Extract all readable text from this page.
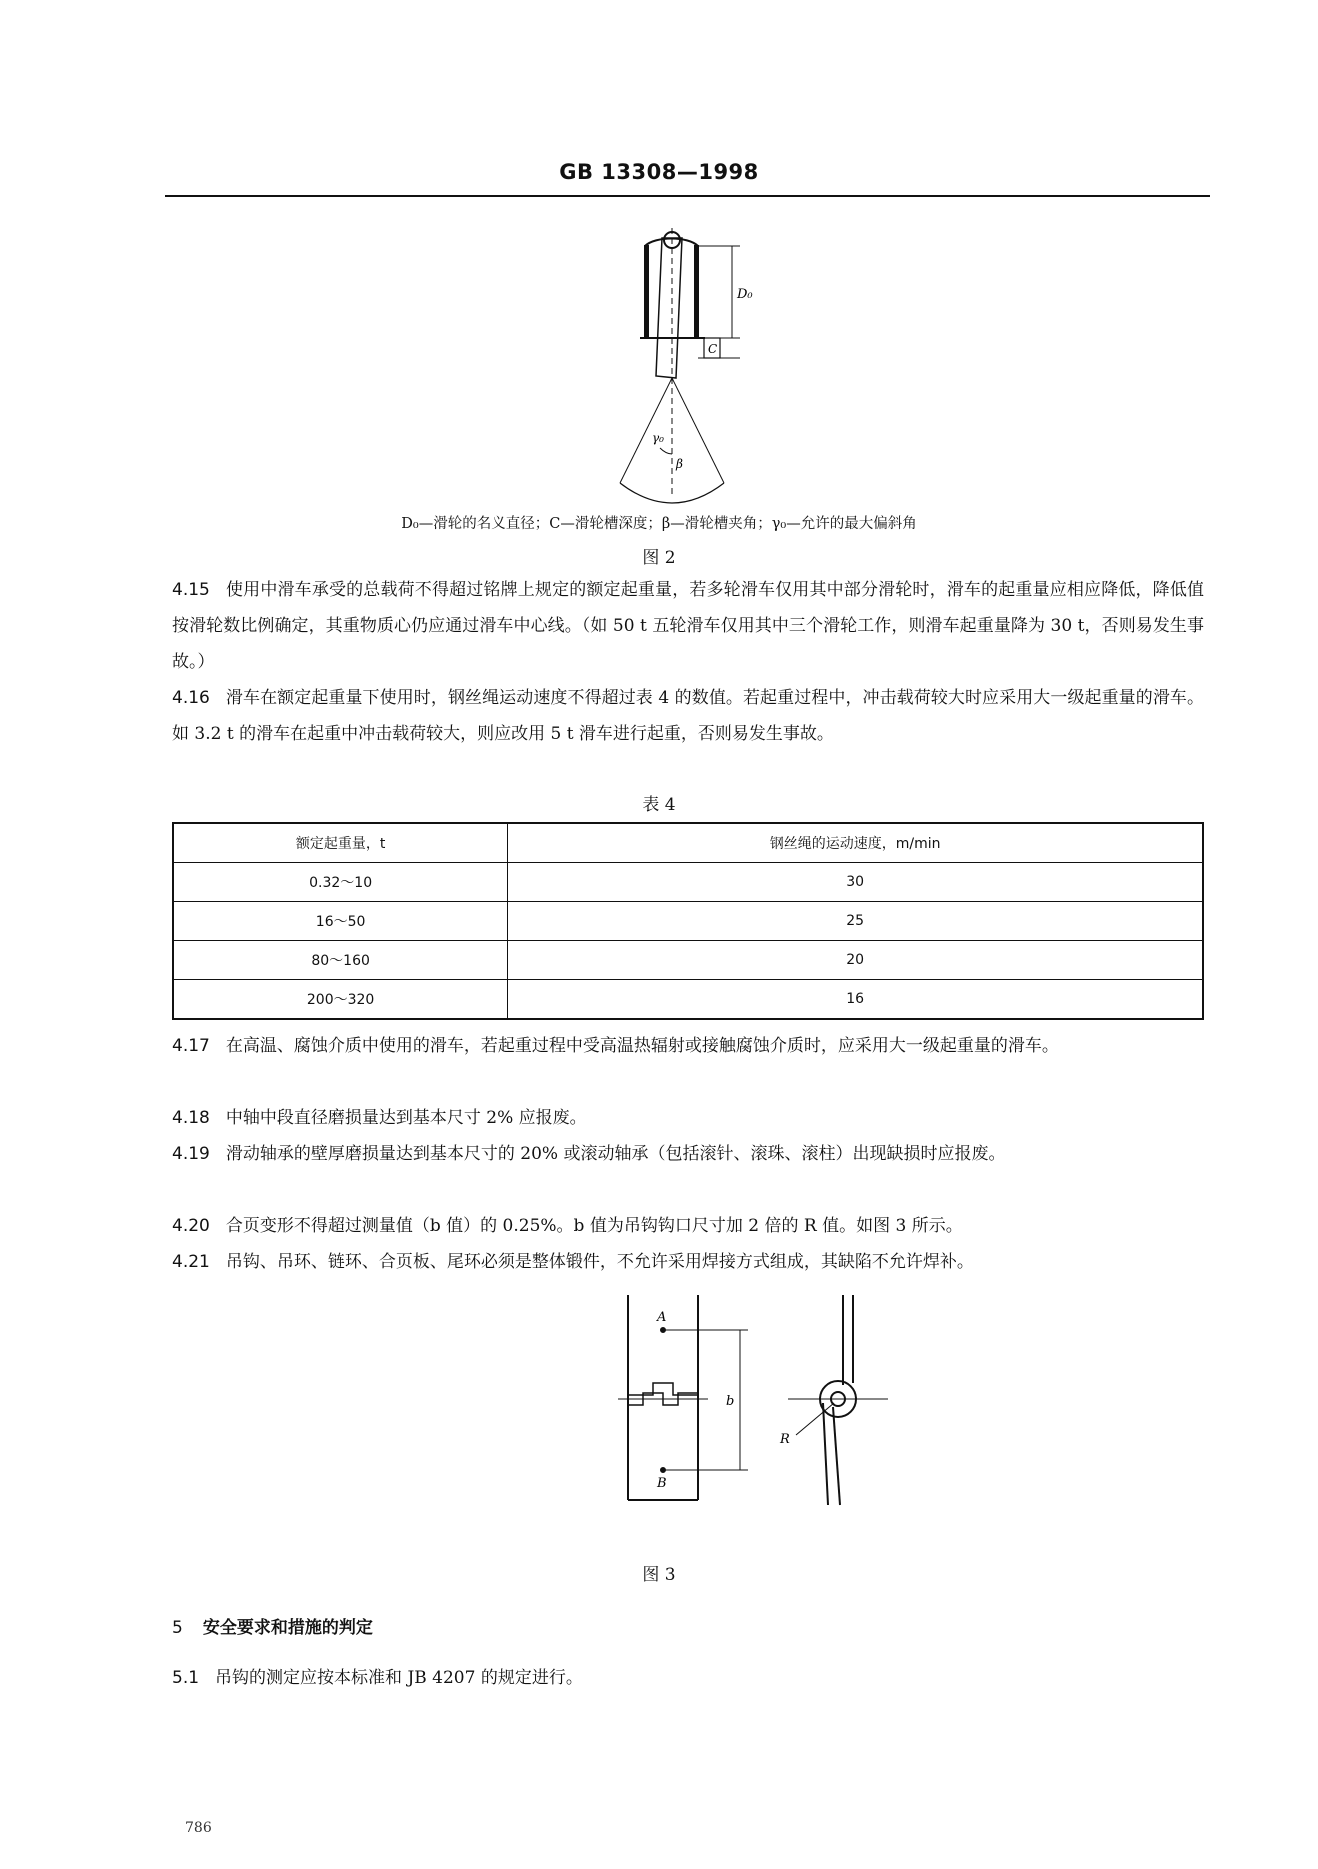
GB 13308—1998
D₀
C
γ₀
β
D₀—滑轮的名义直径；C—滑轮槽深度；β—滑轮槽夹角；γ₀—允许的最大偏斜角
图 2
4.15 使用中滑车承受的总载荷不得超过铭牌上规定的额定起重量，若多轮滑车仅用其中部分滑轮时，滑车的起重量应相应降低，降低值按滑轮数比例确定，其重物质心仍应通过滑车中心线。（如 50 t 五轮滑车仅用其中三个滑轮工作，则滑车起重量降为 30 t，否则易发生事故。）
4.16 滑车在额定起重量下使用时，钢丝绳运动速度不得超过表 4 的数值。若起重过程中，冲击载荷较大时应采用大一级起重量的滑车。如 3.2 t 的滑车在起重中冲击载荷较大，则应改用 5 t 滑车进行起重，否则易发生事故。
表 4
额定起重量，t	钢丝绳的运动速度，m/min
0.32～10	30
16～50	25
80～160	20
200～320	16
4.17 在高温、腐蚀介质中使用的滑车，若起重过程中受高温热辐射或接触腐蚀介质时，应采用大一级起重量的滑车。
4.18 中轴中段直径磨损量达到基本尺寸 2% 应报废。
4.19 滑动轴承的壁厚磨损量达到基本尺寸的 20% 或滚动轴承（包括滚针、滚珠、滚柱）出现缺损时应报废。
4.20 合页变形不得超过测量值（b 值）的 0.25%。b 值为吊钩钩口尺寸加 2 倍的 R 值。如图 3 所示。
4.21 吊钩、吊环、链环、合页板、尾环必须是整体锻件，不允许采用焊接方式组成，其缺陷不允许焊补。
A
B
b
R
图 3
5 安全要求和措施的判定
5.1 吊钩的测定应按本标准和 JB 4207 的规定进行。
786
